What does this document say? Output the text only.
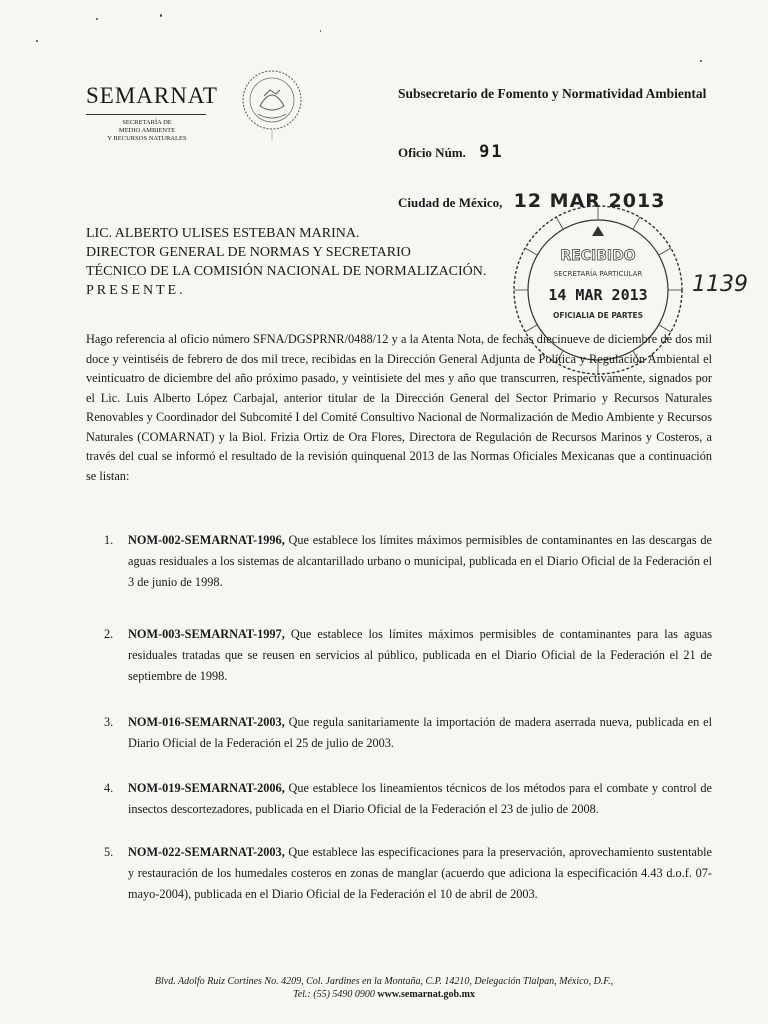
SEMARNAT
SECRETARÍA DE
MEDIO AMBIENTE
Y RECURSOS NATURALES
Subsecretario de Fomento y Normatividad Ambiental
Oficio Núm. 91
Ciudad de México, 12 MAR 2013
LIC. ALBERTO ULISES ESTEBAN MARINA.
DIRECTOR GENERAL DE NORMAS Y SECRETARIO
TÉCNICO DE LA COMISIÓN NACIONAL DE NORMALIZACIÓN.
PRESENTE.
RECIBIDO
SECRETARÍA PARTICULAR
14 MAR 2013
OFICIALIA DE PARTES
1139
Hago referencia al oficio número SFNA/DGSPRNR/0488/12 y a la Atenta Nota, de fechas diecinueve de diciembre de dos mil doce y veintiséis de febrero de dos mil trece, recibidas en la Dirección General Adjunta de Política y Regulación Ambiental el veinticuatro de diciembre del año próximo pasado, y veintisiete del mes y año que transcurren, respectivamente, signados por el Lic. Luis Alberto López Carbajal, anterior titular de la Dirección General del Sector Primario y Recursos Naturales Renovables y Coordinador del Subcomité I del Comité Consultivo Nacional de Normalización de Medio Ambiente y Recursos Naturales (COMARNAT) y la Biol. Frizia Ortiz de Ora Flores, Directora de Regulación de Recursos Marinos y Costeros, a través del cual se informó el resultado de la revisión quinquenal 2013 de las Normas Oficiales Mexicanas que a continuación se listan:
1. NOM-002-SEMARNAT-1996, Que establece los límites máximos permisibles de contaminantes en las descargas de aguas residuales a los sistemas de alcantarillado urbano o municipal, publicada en el Diario Oficial de la Federación el 3 de junio de 1998.
2. NOM-003-SEMARNAT-1997, Que establece los límites máximos permisibles de contaminantes para las aguas residuales tratadas que se reusen en servicios al público, publicada en el Diario Oficial de la Federación el 21 de septiembre de 1998.
3. NOM-016-SEMARNAT-2003, Que regula sanitariamente la importación de madera aserrada nueva, publicada en el Diario Oficial de la Federación el 25 de julio de 2003.
4. NOM-019-SEMARNAT-2006, Que establece los lineamientos técnicos de los métodos para el combate y control de insectos descortezadores, publicada en el Diario Oficial de la Federación el 23 de julio de 2008.
5. NOM-022-SEMARNAT-2003, Que establece las especificaciones para la preservación, aprovechamiento sustentable y restauración de los humedales costeros en zonas de manglar (acuerdo que adiciona la especificación 4.43 d.o.f. 07-mayo-2004), publicada en el Diario Oficial de la Federación el 10 de abril de 2003.
Blvd. Adolfo Ruiz Cortines No. 4209, Col. Jardines en la Montaña, C.P. 14210, Delegación Tlalpan, México, D.F.,
Tel.: (55) 5490 0900 www.semarnat.gob.mx
